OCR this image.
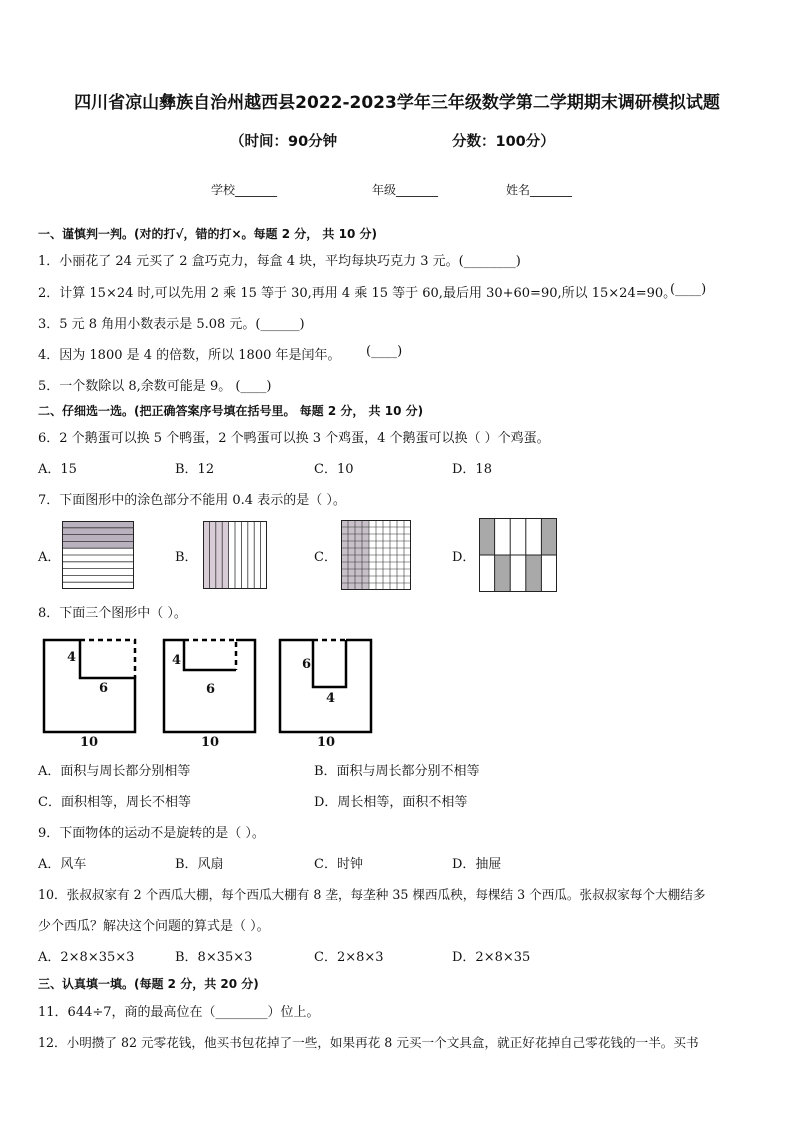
四川省凉山彝族自治州越西县2022-2023学年三年级数学第二学期期末调研模拟试题
（时间：90分钟	分数：100分）
学校_______	年级_______	姓名_______
一、谨慎判一判。(对的打√，错的打×。每题 2 分， 共 10 分)
1．小丽花了 24 元买了 2 盒巧克力，每盒 4 块，平均每块巧克力 3 元。(________)
2．计算 15×24 时,可以先用 2 乘 15 等于 30,再用 4 乘 15 等于 60,最后用 30+60=90,所以 15×24=90。
(____)
3．5 元 8 角用小数表示是 5.08 元。(______)
4．因为 1800 是 4 的倍数，所以 1800 年是闰年。 (____)
5．一个数除以 8,余数可能是 9。 (____)
二、仔细选一选。(把正确答案序号填在括号里。 每题 2 分， 共 10 分)
6．2 个鹅蛋可以换 5 个鸭蛋，2 个鸭蛋可以换 3 个鸡蛋，4 个鹅蛋可以换（ ）个鸡蛋。
A．15	B．12	C．10	D．18
7．下面图形中的涂色部分不能用 0.4 表示的是（ ）。
A．	B．	C．	D．
8．下面三个图形中（ ）。
4
6
10
4
6
10
6
4
10
A．面积与周长都分别相等	B．面积与周长都分别不相等
C．面积相等，周长不相等	D．周长相等，面积不相等
9．下面物体的运动不是旋转的是（ ）。
A．风车	B．风扇	C．时钟	D．抽屉
10．张叔叔家有 2 个西瓜大棚，每个西瓜大棚有 8 垄，每垄种 35 棵西瓜秧，每棵结 3 个西瓜。张叔叔家每个大棚结多
少个西瓜？解决这个问题的算式是（ ）。
A．2×8×35×3	B．8×35×3	C．2×8×3	D．2×8×35
三、认真填一填。(每题 2 分，共 20 分)
11．644÷7，商的最高位在（________）位上。
12．小明攒了 82 元零花钱，他买书包花掉了一些，如果再花 8 元买一个文具盒，就正好花掉自己零花钱的一半。买书
